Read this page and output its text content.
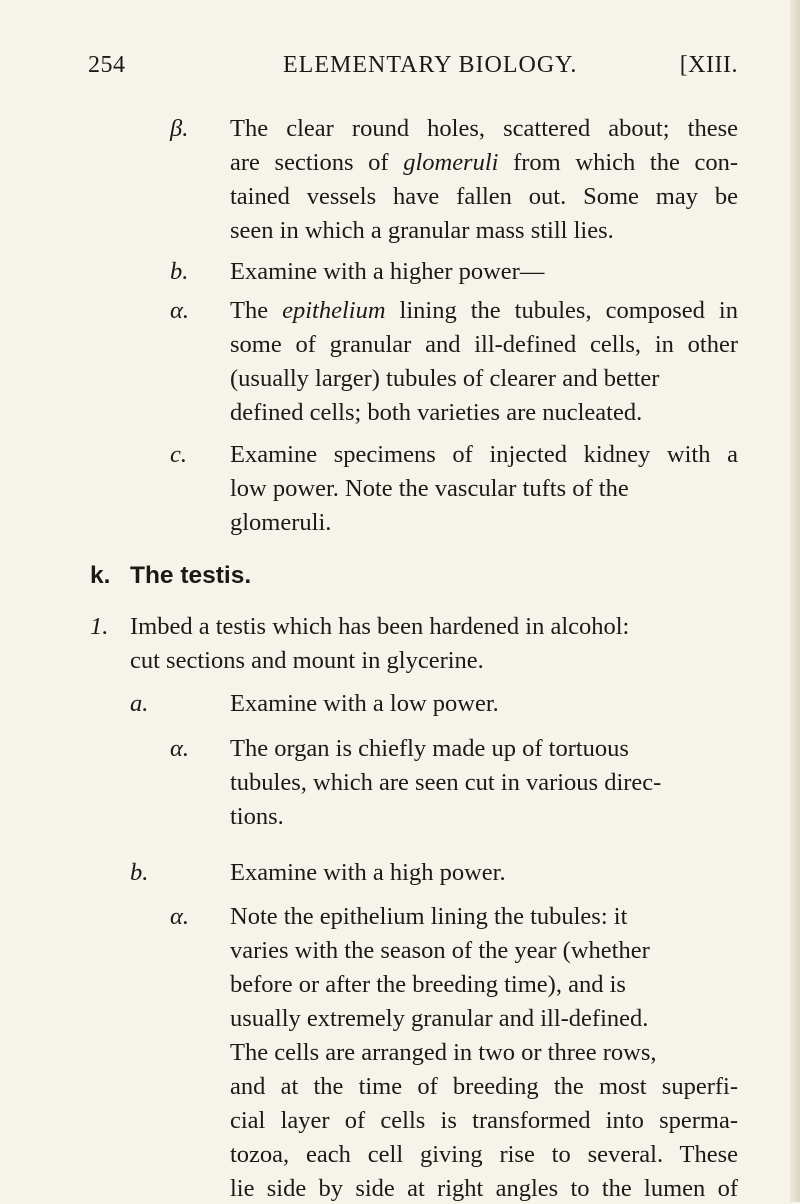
254	ELEMENTARY BIOLOGY.	[XIII.
β. The clear round holes, scattered about; these
are sections of glomeruli from which the con-
tained vessels have fallen out. Some may be
seen in which a granular mass still lies.
b. Examine with a higher power—
α. The epithelium lining the tubules, composed in
some of granular and ill-defined cells, in other
(usually larger) tubules of clearer and better
defined cells; both varieties are nucleated.
c. Examine specimens of injected kidney with a
low power. Note the vascular tufts of the
glomeruli.
k. The testis.
1. Imbed a testis which has been hardened in alcohol:
cut sections and mount in glycerine.
a.	Examine with a low power.
α. The organ is chiefly made up of tortuous
tubules, which are seen cut in various direc-
tions.
b.	Examine with a high power.
α. Note the epithelium lining the tubules: it
varies with the season of the year (whether
before or after the breeding time), and is
usually extremely granular and ill-defined.
The cells are arranged in two or three rows,
and at the time of breeding the most superfi-
cial layer of cells is transformed into sperma-
tozoa, each cell giving rise to several. These
lie side by side at right angles to the lumen of
